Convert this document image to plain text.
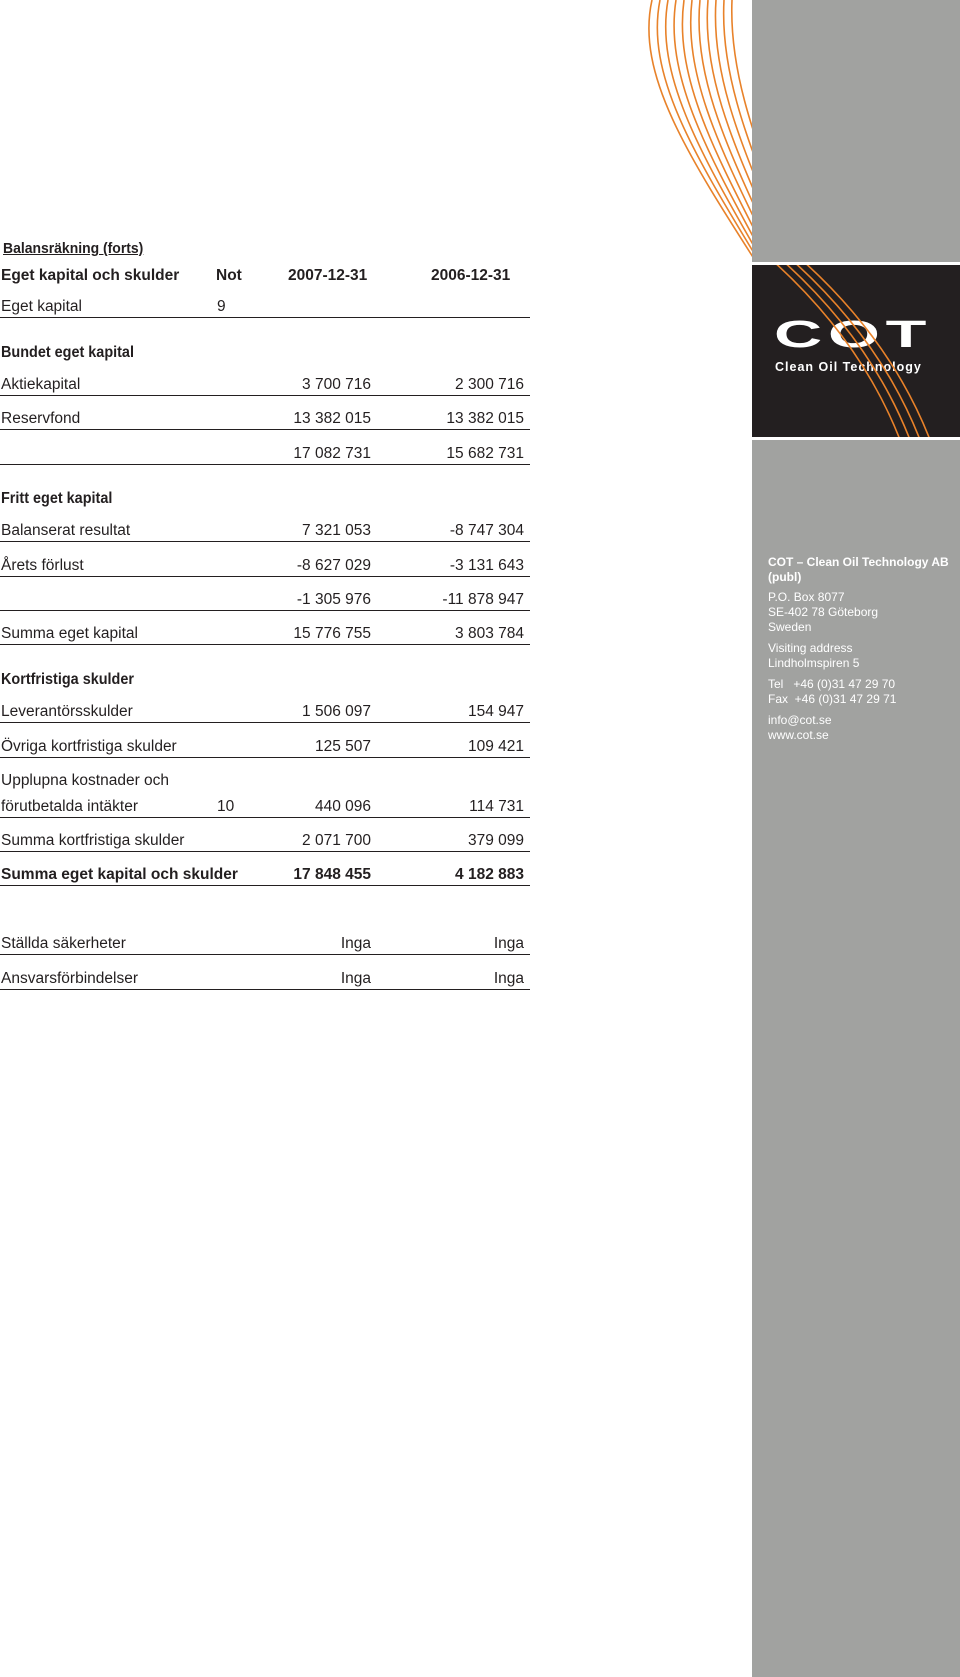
COT
Clean Oil Technology
COT – Clean Oil Technology AB (publ)
P.O. Box 8077
SE-402 78 Göteborg
Sweden
Visiting address
Lindholmspiren 5
Tel   +46 (0)31 47 29 70
Fax  +46 (0)31 47 29 71
info@cot.se
www.cot.se
Balansräkning (forts)
Eget kapital och skulder Not	2007-12-31	2006-12-31
Eget kapital	9
Bundet eget kapital
Aktiekapital	3 700 716	2 300 716
Reservfond	13 382 015	13 382 015
17 082 731	15 682 731
Fritt eget kapital
Balanserat resultat	7 321 053	-8 747 304
Årets förlust	-8 627 029	-3 131 643
-1 305 976	-11 878 947
Summa eget kapital	15 776 755	3 803 784
Kortfristiga skulder
Leverantörsskulder	1 506 097	154 947
Övriga kortfristiga skulder	125 507	109 421
Upplupna kostnader och
förutbetalda intäkter	10	440 096	114 731
Summa kortfristiga skulder	2 071 700	379 099
Summa eget kapital och skulder	17 848 455	4 182 883
Ställda säkerheter	Inga	Inga
Ansvarsförbindelser	Inga	Inga
